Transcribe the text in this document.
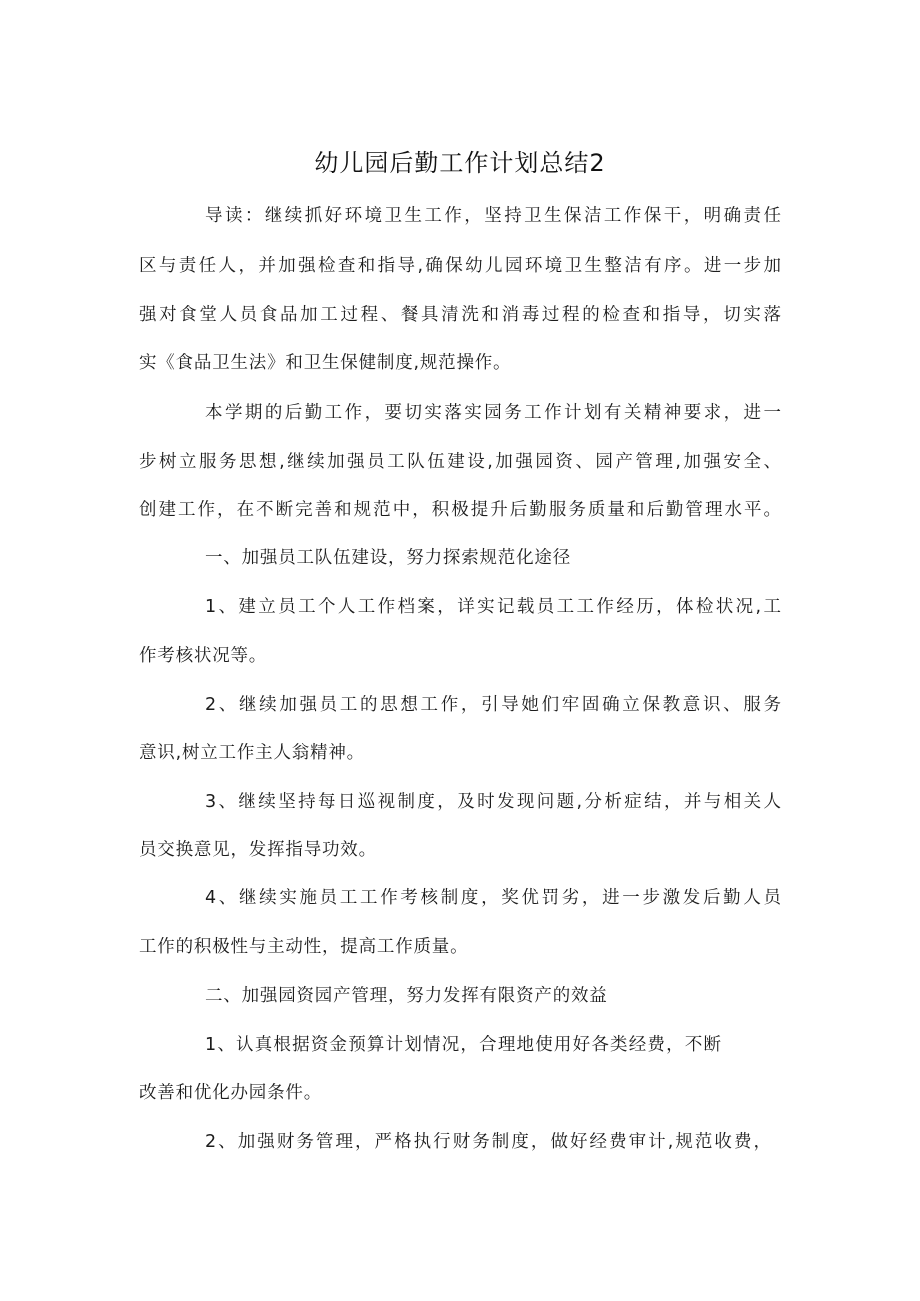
幼儿园后勤工作计划总结2
导读：继续抓好环境卫生工作，坚持卫生保洁工作保干，明确责任
区与责任人，并加强检查和指导,确保幼儿园环境卫生整洁有序。进一步加
强对食堂人员食品加工过程、餐具清洗和消毒过程的检查和指导，切实落
实《食品卫生法》和卫生保健制度,规范操作。
本学期的后勤工作，要切实落实园务工作计划有关精神要求，进一
步树立服务思想,继续加强员工队伍建设,加强园资、园产管理,加强安全、
创建工作，在不断完善和规范中，积极提升后勤服务质量和后勤管理水平。
一、加强员工队伍建设，努力探索规范化途径
1、建立员工个人工作档案，详实记载员工工作经历，体检状况,工
作考核状况等。
2、继续加强员工的思想工作，引导她们牢固确立保教意识、服务
意识,树立工作主人翁精神。
3、继续坚持每日巡视制度，及时发现问题,分析症结，并与相关人
员交换意见，发挥指导功效。
4、继续实施员工工作考核制度，奖优罚劣，进一步激发后勤人员
工作的积极性与主动性，提高工作质量。
二、加强园资园产管理，努力发挥有限资产的效益
1、认真根据资金预算计划情况，合理地使用好各类经费，不断
改善和优化办园条件。
2、加强财务管理，严格执行财务制度，做好经费审计,规范收费，
